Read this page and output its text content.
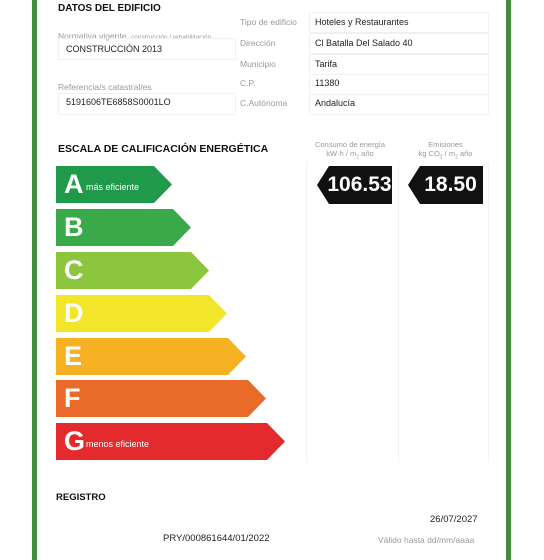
DATOS DEL EDIFICIO
Normativa vigente construcción / rehabilitación
CONSTRUCCIÓN 2013
Referencia/s catastral/es
5191606TE6858S0001LO
Tipo de edificio Hoteles y Restaurantes
Dirección	Cl Batalla Del Salado 40
Municipio	Tarifa
C.P.	11380
C.Autónoma	Andalucía
ESCALA DE CALIFICACIÓN ENERGÉTICA	Consumo de energía
$kW\cdot h / m_2$ año
Emisiones
kg $CO_2 / m_2$ año
A más eficiente
B
C
D
E
F
G menos eficiente
106.53 18.50
REGISTRO
26/07/2027
PRY/000861644/01/2022	Válido hasta dd/mm/aaaa
